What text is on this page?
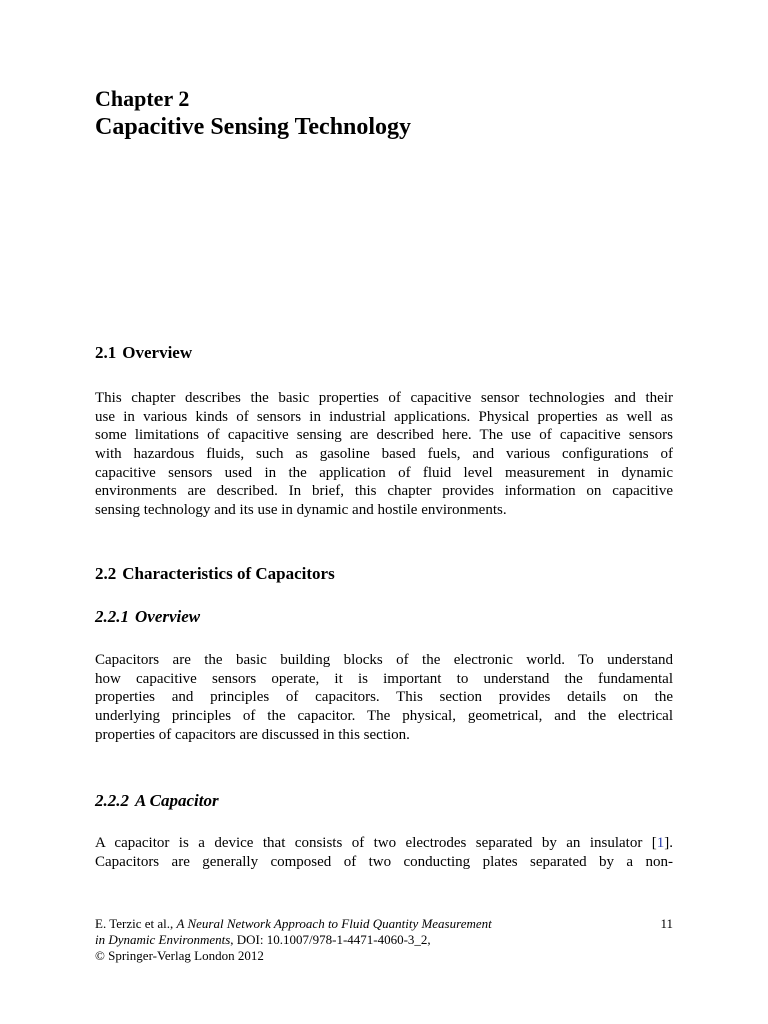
Chapter 2
Capacitive Sensing Technology
2.1 Overview
This chapter describes the basic properties of capacitive sensor technologies and their
use in various kinds of sensors in industrial applications. Physical properties as well as
some limitations of capacitive sensing are described here. The use of capacitive sensors
with hazardous fluids, such as gasoline based fuels, and various configurations of
capacitive sensors used in the application of fluid level measurement in dynamic
environments are described. In brief, this chapter provides information on capacitive
sensing technology and its use in dynamic and hostile environments.
2.2 Characteristics of Capacitors
2.2.1 Overview
Capacitors are the basic building blocks of the electronic world. To understand
how capacitive sensors operate, it is important to understand the fundamental
properties and principles of capacitors. This section provides details on the
underlying principles of the capacitor. The physical, geometrical, and the electrical
properties of capacitors are discussed in this section.
2.2.2 A Capacitor
A capacitor is a device that consists of two electrodes separated by an insulator [1].
Capacitors are generally composed of two conducting plates separated by a non-
11
E. Terzic et al., A Neural Network Approach to Fluid Quantity Measurement
in Dynamic Environments, DOI: 10.1007/978-1-4471-4060-3_2,
© Springer-Verlag London 2012
